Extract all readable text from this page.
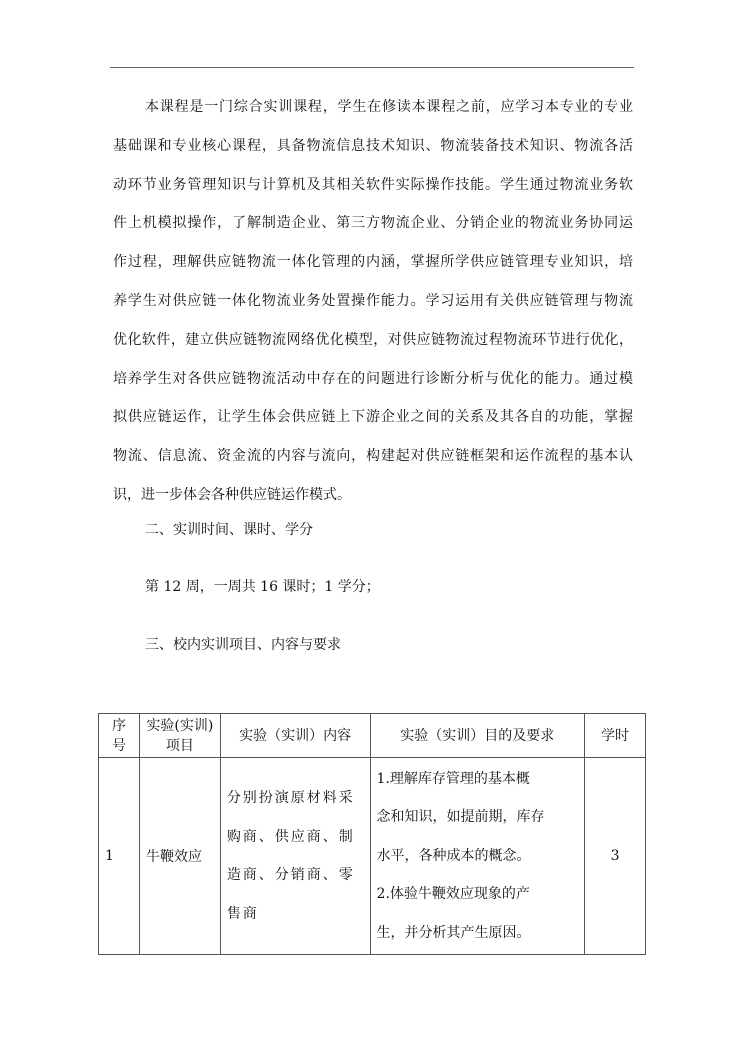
本课程是一门综合实训课程，学生在修读本课程之前，应学习本专业的专业
基础课和专业核心课程，具备物流信息技术知识、物流装备技术知识、物流各活
动环节业务管理知识与计算机及其相关软件实际操作技能。学生通过物流业务软
件上机模拟操作，了解制造企业、第三方物流企业、分销企业的物流业务协同运
作过程，理解供应链物流一体化管理的内涵，掌握所学供应链管理专业知识，培
养学生对供应链一体化物流业务处置操作能力。学习运用有关供应链管理与物流
优化软件，建立供应链物流网络优化模型，对供应链物流过程物流环节进行优化，
培养学生对各供应链物流活动中存在的问题进行诊断分析与优化的能力。通过模
拟供应链运作，让学生体会供应链上下游企业之间的关系及其各自的功能，掌握
物流、信息流、资金流的内容与流向，构建起对供应链框架和运作流程的基本认
识，进一步体会各种供应链运作模式。
二、实训时间、课时、学分
第 12 周，一周共 16 课时；1 学分；
三、校内实训项目、内容与要求
序号	实验(实训)项目	实验（实训）内容	实验（实训）目的及要求	学时
1	牛鞭效应	分别扮演原材料采购商、供应商、制造商、分销商、零售商	1.理解库存管理的基本概
念和知识，如提前期，库存
水平，各种成本的概念。
2.体验牛鞭效应现象的产
生，并分析其产生原因。	3
